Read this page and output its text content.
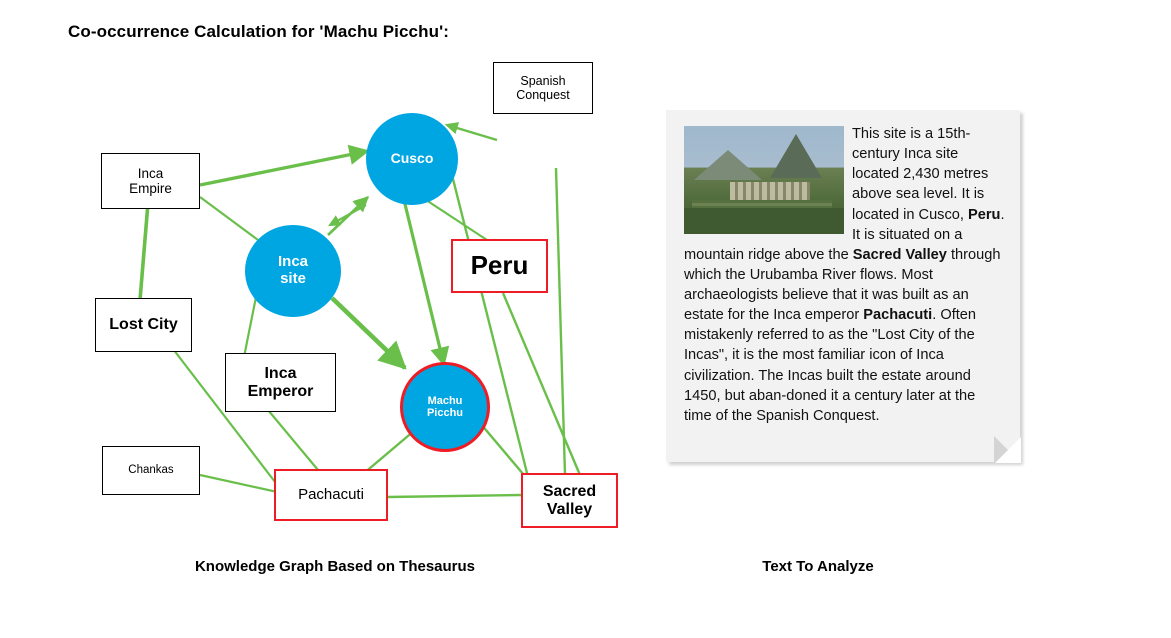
Co-occurrence Calculation for 'Machu Picchu':
Spanish
Conquest
Inca
Empire
Lost City
Inca
Emperor
Chankas
Peru
Pachacuti	Sacred
Valley
Cusco
Inca
site
Machu
Picchu
Knowledge Graph Based on Thesaurus
This site is a 15th-century Inca site located 2,430 metres above sea level. It is located in Cusco, Peru. It is situated on a mountain ridge above the Sacred Valley through which the Urubamba River flows. Most archaeologists believe that it was built as an estate for the Inca emperor Pachacuti. Often mistakenly referred to as the "Lost City of the Incas", it is the most familiar icon of Inca civilization. The Incas built the estate around 1450, but aban-doned it a century later at the time of the Spanish Conquest.
Text To Analyze
